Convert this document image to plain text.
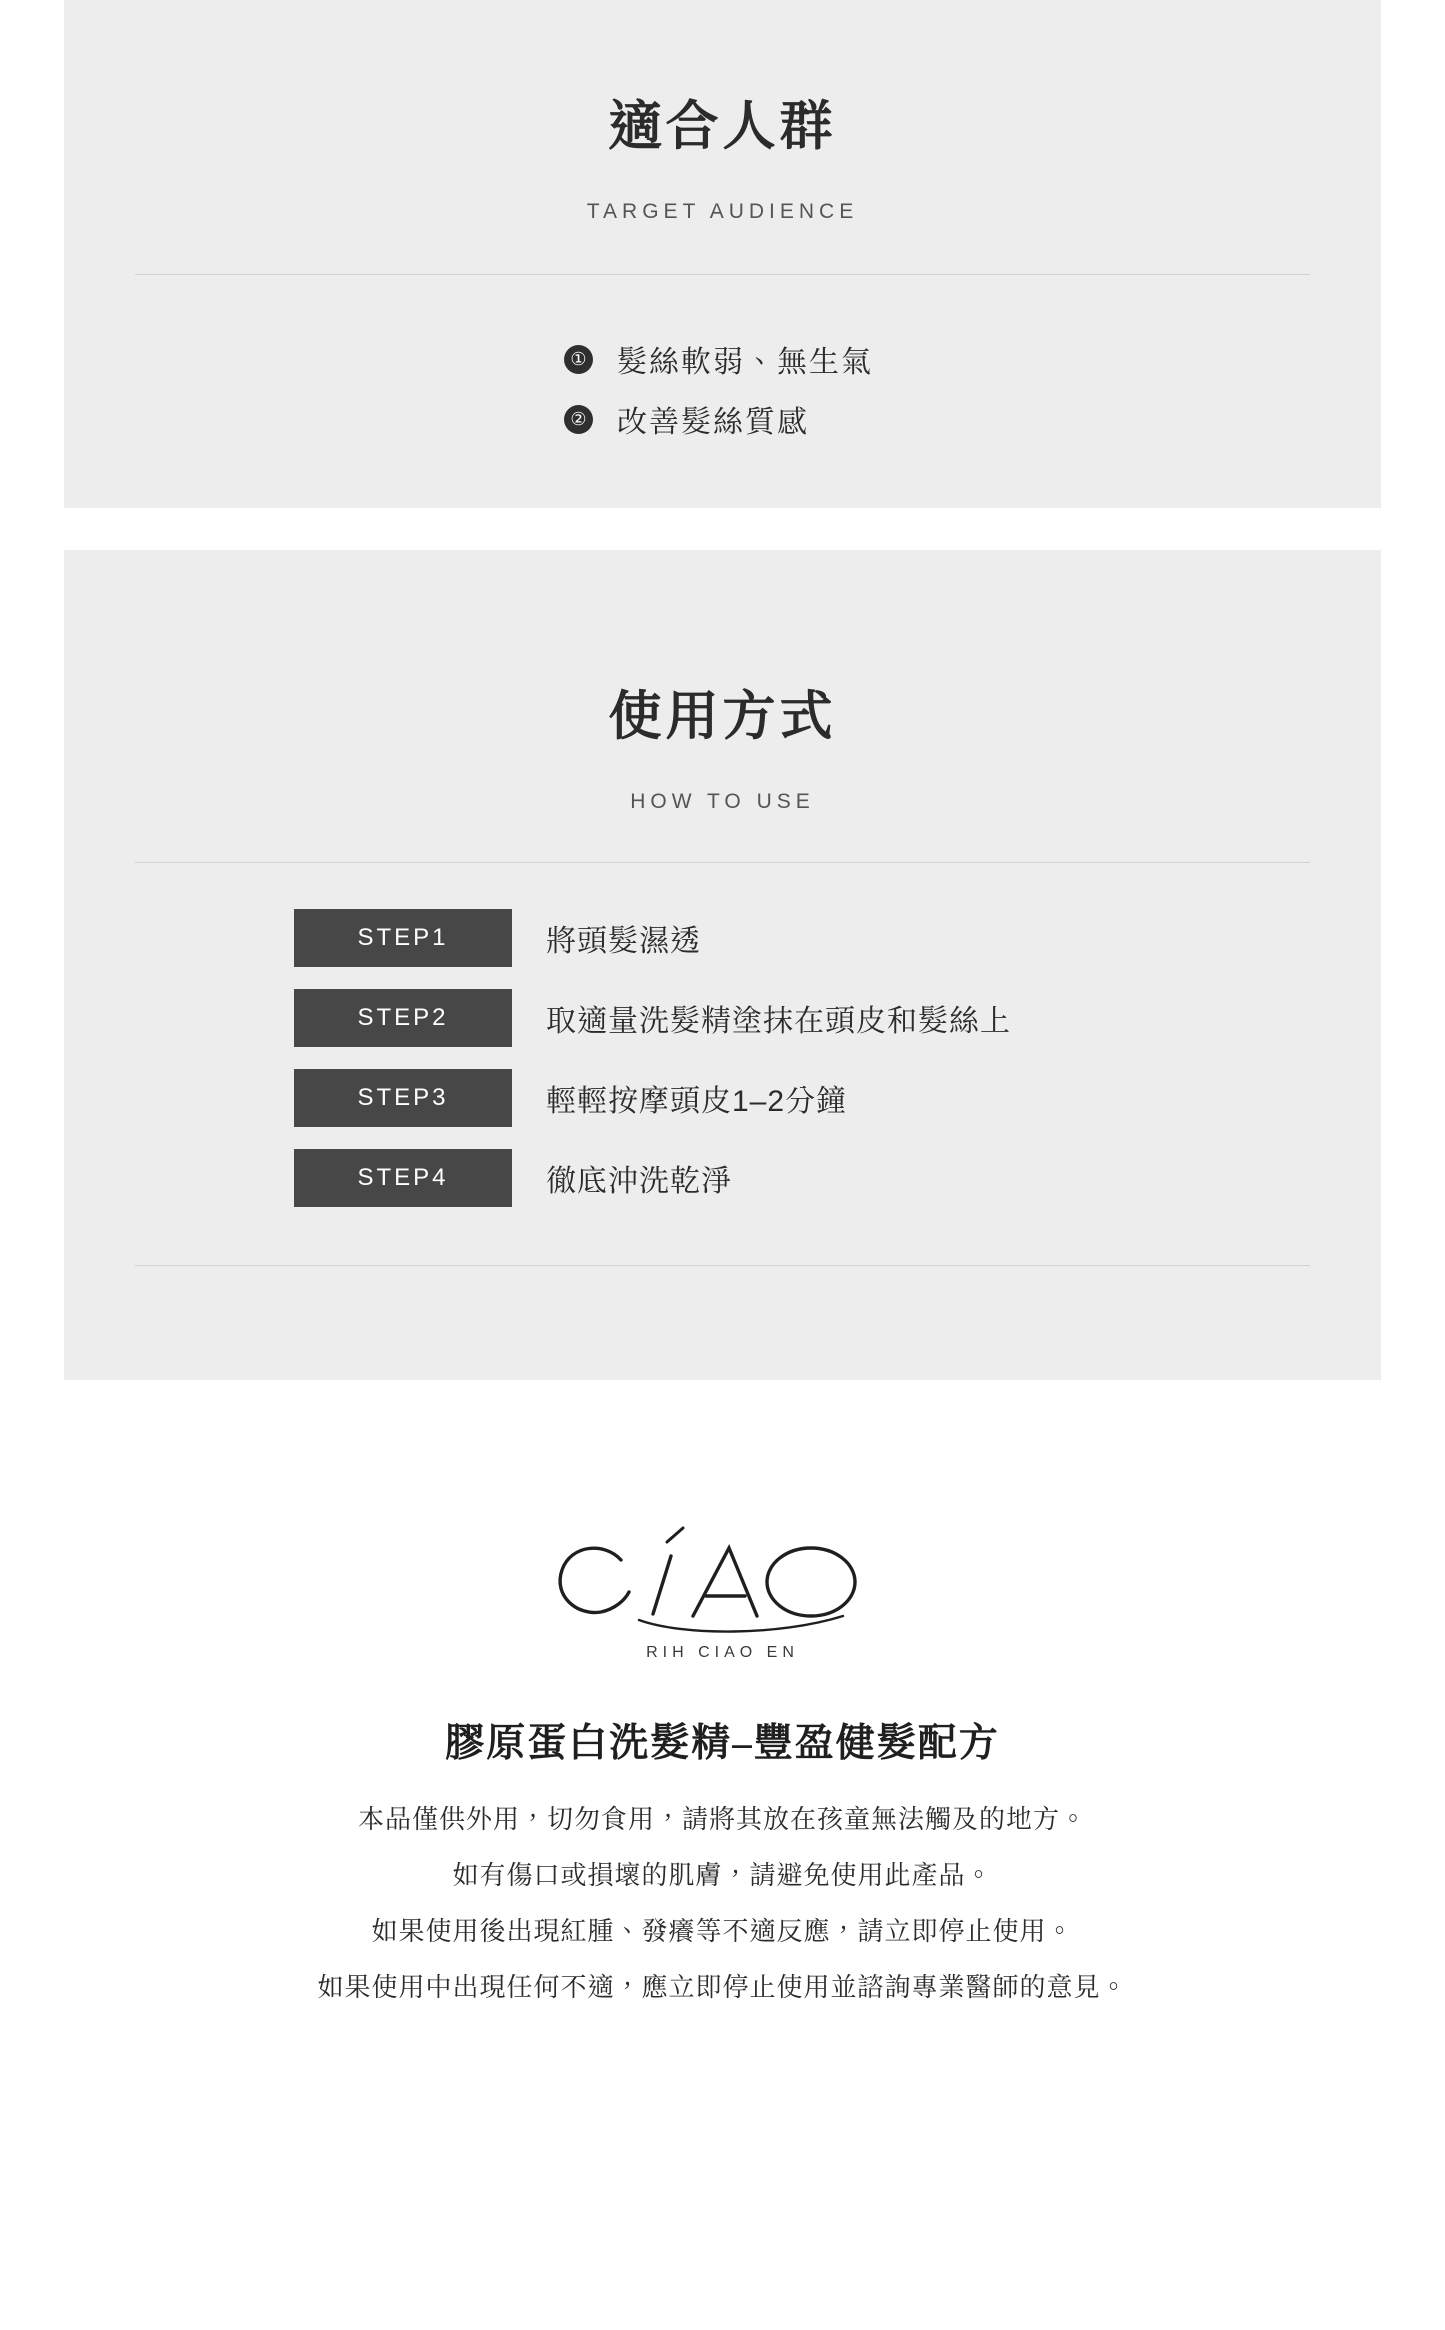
適合人群
TARGET AUDIENCE
① 髮絲軟弱、無生氣
② 改善髮絲質感
使用方式
HOW TO USE
STEP1	將頭髮濕透
STEP2	取適量洗髮精塗抹在頭皮和髮絲上
STEP3	輕輕按摩頭皮1–2分鐘
STEP4	徹底沖洗乾淨
RIH CIAO EN
膠原蛋白洗髮精–豐盈健髮配方

本品僅供外用，切勿食用，請將其放在孩童無法觸及的地方。

如有傷口或損壞的肌膚，請避免使用此產品。

如果使用後出現紅腫、發癢等不適反應，請立即停止使用。

如果使用中出現任何不適，應立即停止使用並諮詢專業醫師的意見。
